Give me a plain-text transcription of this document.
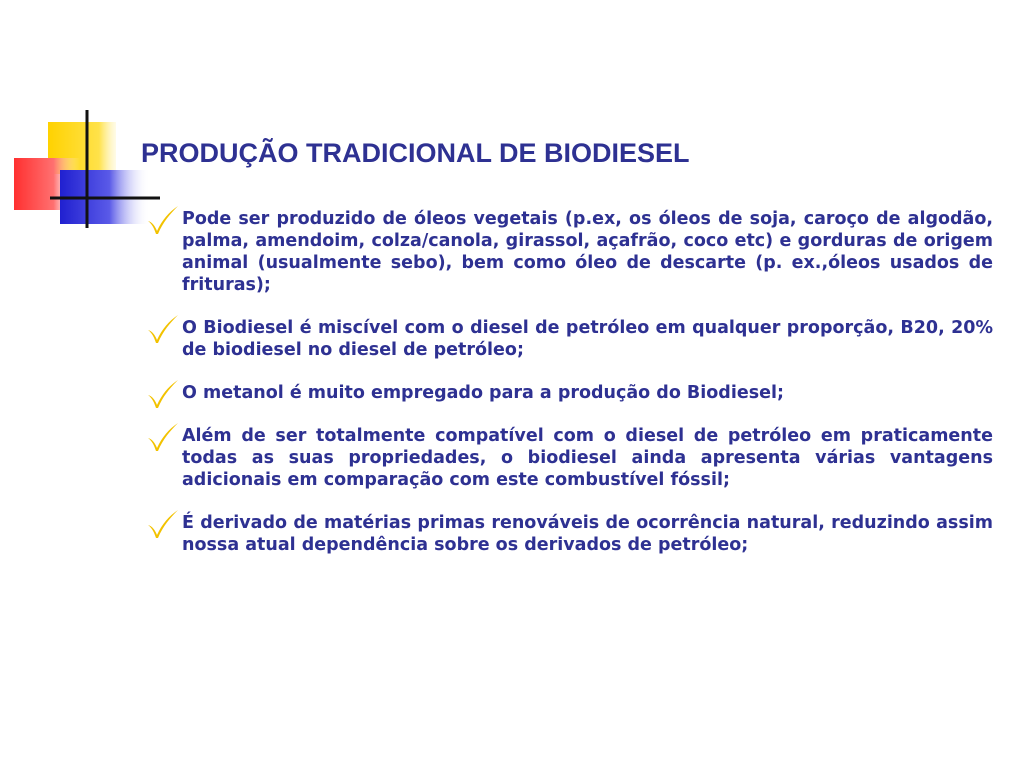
PRODUÇÃO TRADICIONAL DE BIODIESEL
Pode ser produzido de óleos vegetais (p.ex, os óleos de soja, caroço de algodão, palma, amendoim, colza/canola, girassol, açafrão, coco etc) e gorduras de origem animal (usualmente sebo), bem como óleo de descarte (p. ex.,óleos usados de frituras);
O Biodiesel é miscível com o diesel de petróleo em qualquer proporção, B20, 20% de biodiesel no diesel de petróleo;
O metanol é muito empregado para a produção do Biodiesel;
Além de ser totalmente compatível com o diesel de petróleo em praticamente todas as suas propriedades, o biodiesel ainda apresenta várias vantagens adicionais em comparação com este combustível fóssil;
É derivado de matérias primas renováveis de ocorrência natural, reduzindo assim nossa atual dependência sobre os derivados de petróleo;
